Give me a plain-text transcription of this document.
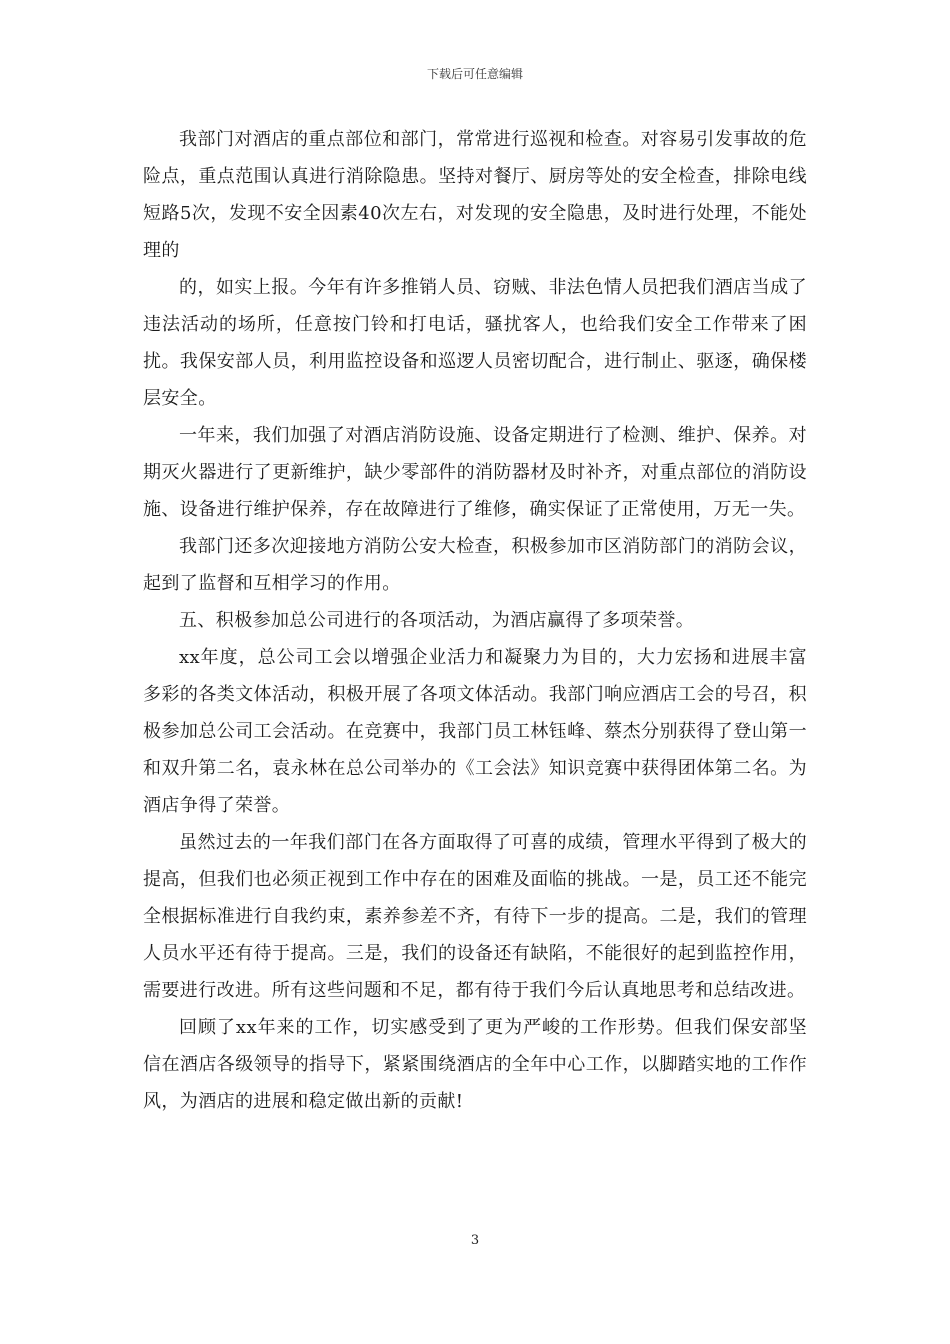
下载后可任意编辑

我部门对酒店的重点部位和部门，常常进行巡视和检查。对容易引发事故的危险点，重点范围认真进行消除隐患。坚持对餐厅、厨房等处的安全检查，排除电线短路5次，发现不安全因素40次左右，对发现的安全隐患，及时进行处理，不能处理的

的，如实上报。今年有许多推销人员、窃贼、非法色情人员把我们酒店当成了违法活动的场所，任意按门铃和打电话，骚扰客人，也给我们安全工作带来了困扰。我保安部人员，利用监控设备和巡逻人员密切配合，进行制止、驱逐，确保楼层安全。

一年来，我们加强了对酒店消防设施、设备定期进行了检测、维护、保养。对期灭火器进行了更新维护，缺少零部件的消防器材及时补齐，对重点部位的消防设施、设备进行维护保养，存在故障进行了维修，确实保证了正常使用，万无一失。

我部门还多次迎接地方消防公安大检查，积极参加市区消防部门的消防会议，起到了监督和互相学习的作用。

五、积极参加总公司进行的各项活动，为酒店赢得了多项荣誉。

xx年度，总公司工会以增强企业活力和凝聚力为目的，大力宏扬和进展丰富多彩的各类文体活动，积极开展了各项文体活动。我部门响应酒店工会的号召，积极参加总公司工会活动。在竞赛中，我部门员工林钰峰、蔡杰分别获得了登山第一和双升第二名，袁永林在总公司举办的《工会法》知识竞赛中获得团体第二名。为酒店争得了荣誉。

虽然过去的一年我们部门在各方面取得了可喜的成绩，管理水平得到了极大的提高，但我们也必须正视到工作中存在的困难及面临的挑战。一是，员工还不能完全根据标准进行自我约束，素养参差不齐，有待下一步的提高。二是，我们的管理人员水平还有待于提高。三是，我们的设备还有缺陷，不能很好的起到监控作用，需要进行改进。所有这些问题和不足，都有待于我们今后认真地思考和总结改进。

回顾了xx年来的工作，切实感受到了更为严峻的工作形势。但我们保安部坚信在酒店各级领导的指导下，紧紧围绕酒店的全年中心工作，以脚踏实地的工作作风，为酒店的进展和稳定做出新的贡献!

3
